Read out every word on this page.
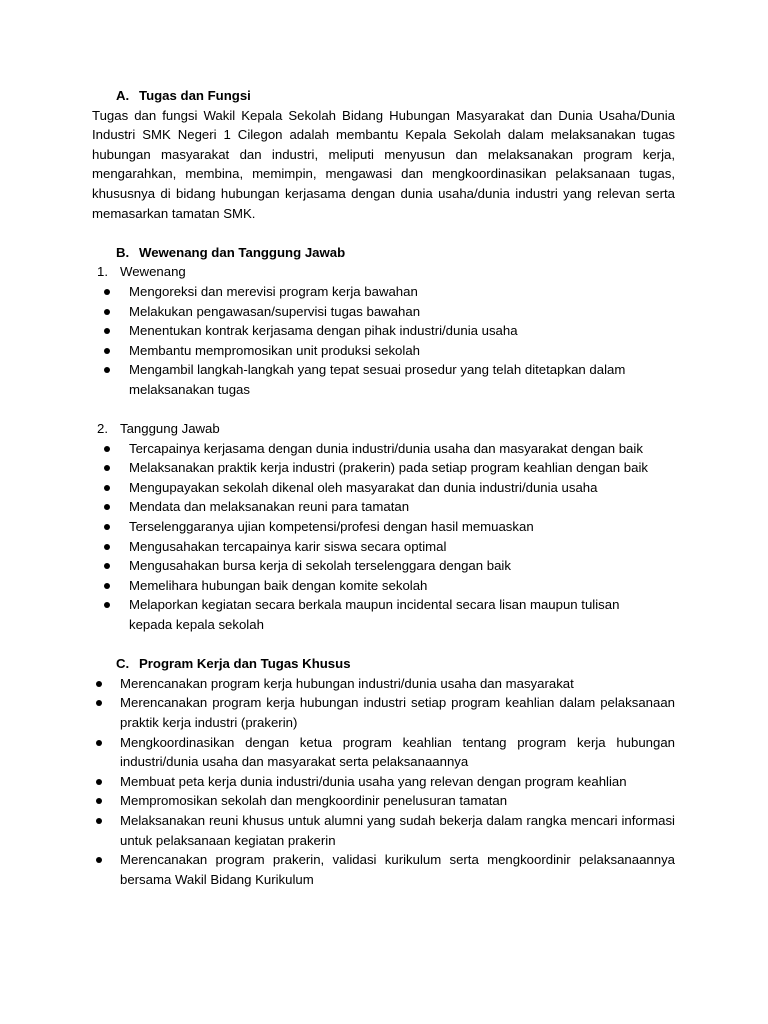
A. Tugas dan Fungsi
Tugas dan fungsi Wakil Kepala Sekolah Bidang Hubungan Masyarakat dan Dunia Usaha/Dunia Industri SMK Negeri 1 Cilegon adalah membantu Kepala Sekolah dalam melaksanakan tugas hubungan masyarakat dan industri, meliputi menyusun dan melaksanakan program kerja, mengarahkan, membina, memimpin, mengawasi dan mengkoordinasikan pelaksanaan tugas, khususnya di bidang hubungan kerjasama dengan dunia usaha/dunia industri yang relevan serta memasarkan tamatan SMK.
B. Wewenang dan Tanggung Jawab
1. Wewenang
Mengoreksi dan merevisi program kerja bawahan
Melakukan pengawasan/supervisi tugas bawahan
Menentukan kontrak kerjasama dengan pihak industri/dunia usaha
Membantu mempromosikan unit produksi sekolah
Mengambil langkah-langkah yang tepat sesuai prosedur yang telah ditetapkan dalam melaksanakan tugas
2. Tanggung Jawab
Tercapainya kerjasama dengan dunia industri/dunia usaha dan masyarakat dengan baik
Melaksanakan praktik kerja industri (prakerin) pada setiap program keahlian dengan baik
Mengupayakan sekolah dikenal oleh masyarakat dan dunia industri/dunia usaha
Mendata dan melaksanakan reuni para tamatan
Terselenggaranya ujian kompetensi/profesi dengan hasil memuaskan
Mengusahakan tercapainya karir siswa secara optimal
Mengusahakan bursa kerja di sekolah terselenggara dengan baik
Memelihara hubungan baik dengan komite sekolah
Melaporkan kegiatan secara berkala maupun incidental secara lisan maupun tulisan kepada kepala sekolah
C. Program Kerja dan Tugas Khusus
Merencanakan program kerja hubungan industri/dunia usaha dan masyarakat
Merencanakan program kerja hubungan industri setiap program keahlian dalam pelaksanaan praktik kerja industri (prakerin)
Mengkoordinasikan dengan ketua program keahlian tentang program kerja hubungan industri/dunia usaha dan masyarakat serta pelaksanaannya
Membuat peta kerja dunia industri/dunia usaha yang relevan dengan program keahlian
Mempromosikan sekolah dan mengkoordinir penelusuran tamatan
Melaksanakan reuni khusus untuk alumni yang sudah bekerja dalam rangka mencari informasi untuk pelaksanaan kegiatan prakerin
Merencanakan program prakerin, validasi kurikulum serta mengkoordinir pelaksanaannya bersama Wakil Bidang Kurikulum
